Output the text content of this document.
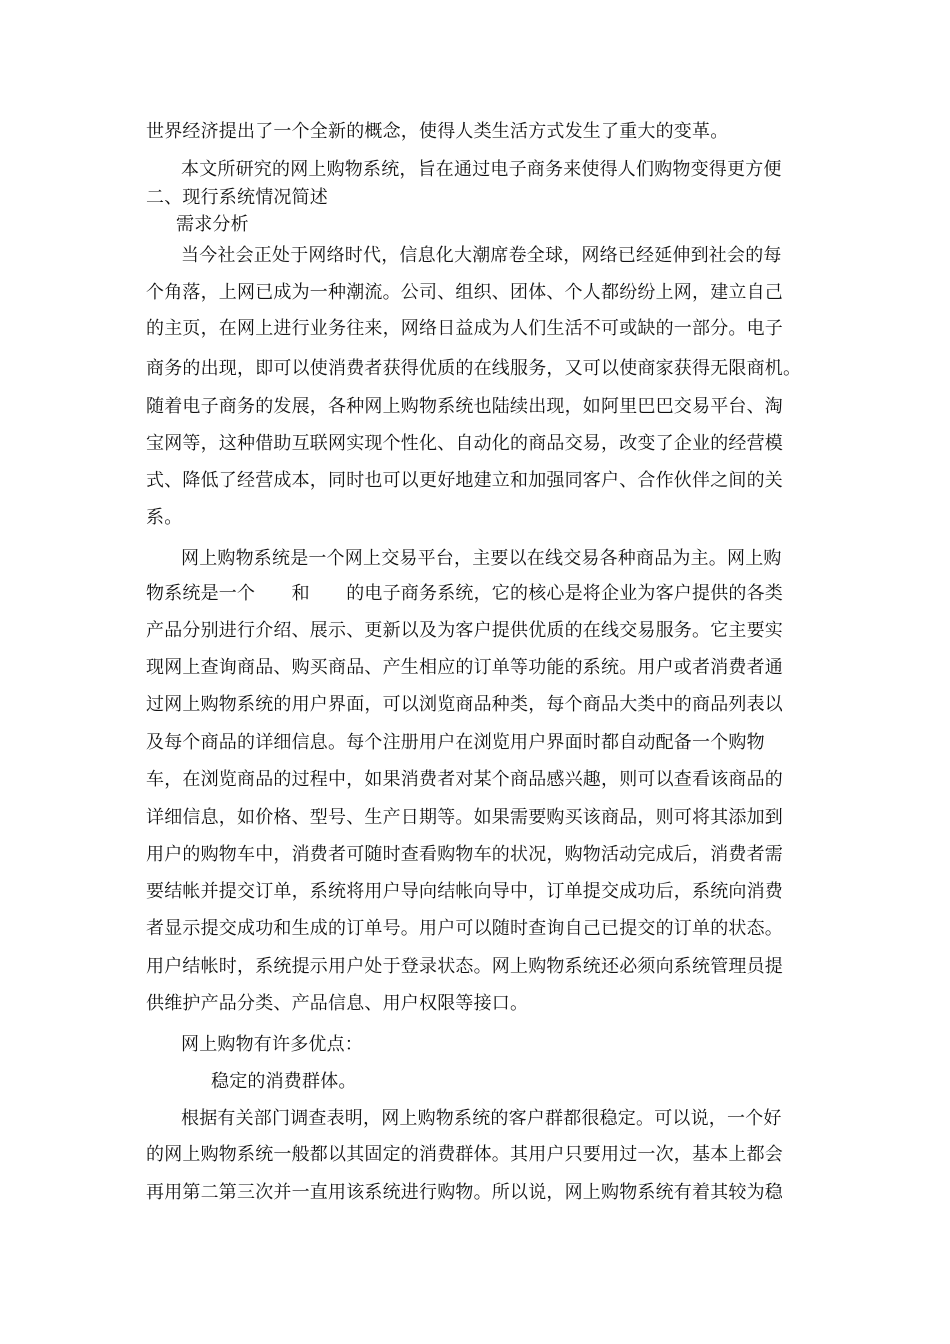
世界经济提出了一个全新的概念，使得人类生活方式发生了重大的变革。
本文所研究的网上购物系统，旨在通过电子商务来使得人们购物变得更方便
二、现行系统情况简述
需求分析
当今社会正处于网络时代，信息化大潮席卷全球，网络已经延伸到社会的每
个角落，上网已成为一种潮流。公司、组织、团体、个人都纷纷上网，建立自己
的主页，在网上进行业务往来，网络日益成为人们生活不可或缺的一部分。电子
商务的出现，即可以使消费者获得优质的在线服务，又可以使商家获得无限商机。
随着电子商务的发展，各种网上购物系统也陆续出现，如阿里巴巴交易平台、淘
宝网等，这种借助互联网实现个性化、自动化的商品交易，改变了企业的经营模
式、降低了经营成本，同时也可以更好地建立和加强同客户、合作伙伴之间的关
系。
网上购物系统是一个网上交易平台，主要以在线交易各种商品为主。网上购
物系统是一个　　和　　的电子商务系统，它的核心是将企业为客户提供的各类
产品分别进行介绍、展示、更新以及为客户提供优质的在线交易服务。它主要实
现网上查询商品、购买商品、产生相应的订单等功能的系统。用户或者消费者通
过网上购物系统的用户界面，可以浏览商品种类，每个商品大类中的商品列表以
及每个商品的详细信息。每个注册用户在浏览用户界面时都自动配备一个购物
车，在浏览商品的过程中，如果消费者对某个商品感兴趣，则可以查看该商品的
详细信息，如价格、型号、生产日期等。如果需要购买该商品，则可将其添加到
用户的购物车中，消费者可随时查看购物车的状况，购物活动完成后，消费者需
要结帐并提交订单，系统将用户导向结帐向导中，订单提交成功后，系统向消费
者显示提交成功和生成的订单号。用户可以随时查询自己已提交的订单的状态。
用户结帐时，系统提示用户处于登录状态。网上购物系统还必须向系统管理员提
供维护产品分类、产品信息、用户权限等接口。
网上购物有许多优点：
稳定的消费群体。
根据有关部门调查表明，网上购物系统的客户群都很稳定。可以说，一个好
的网上购物系统一般都以其固定的消费群体。其用户只要用过一次，基本上都会
再用第二第三次并一直用该系统进行购物。所以说，网上购物系统有着其较为稳
